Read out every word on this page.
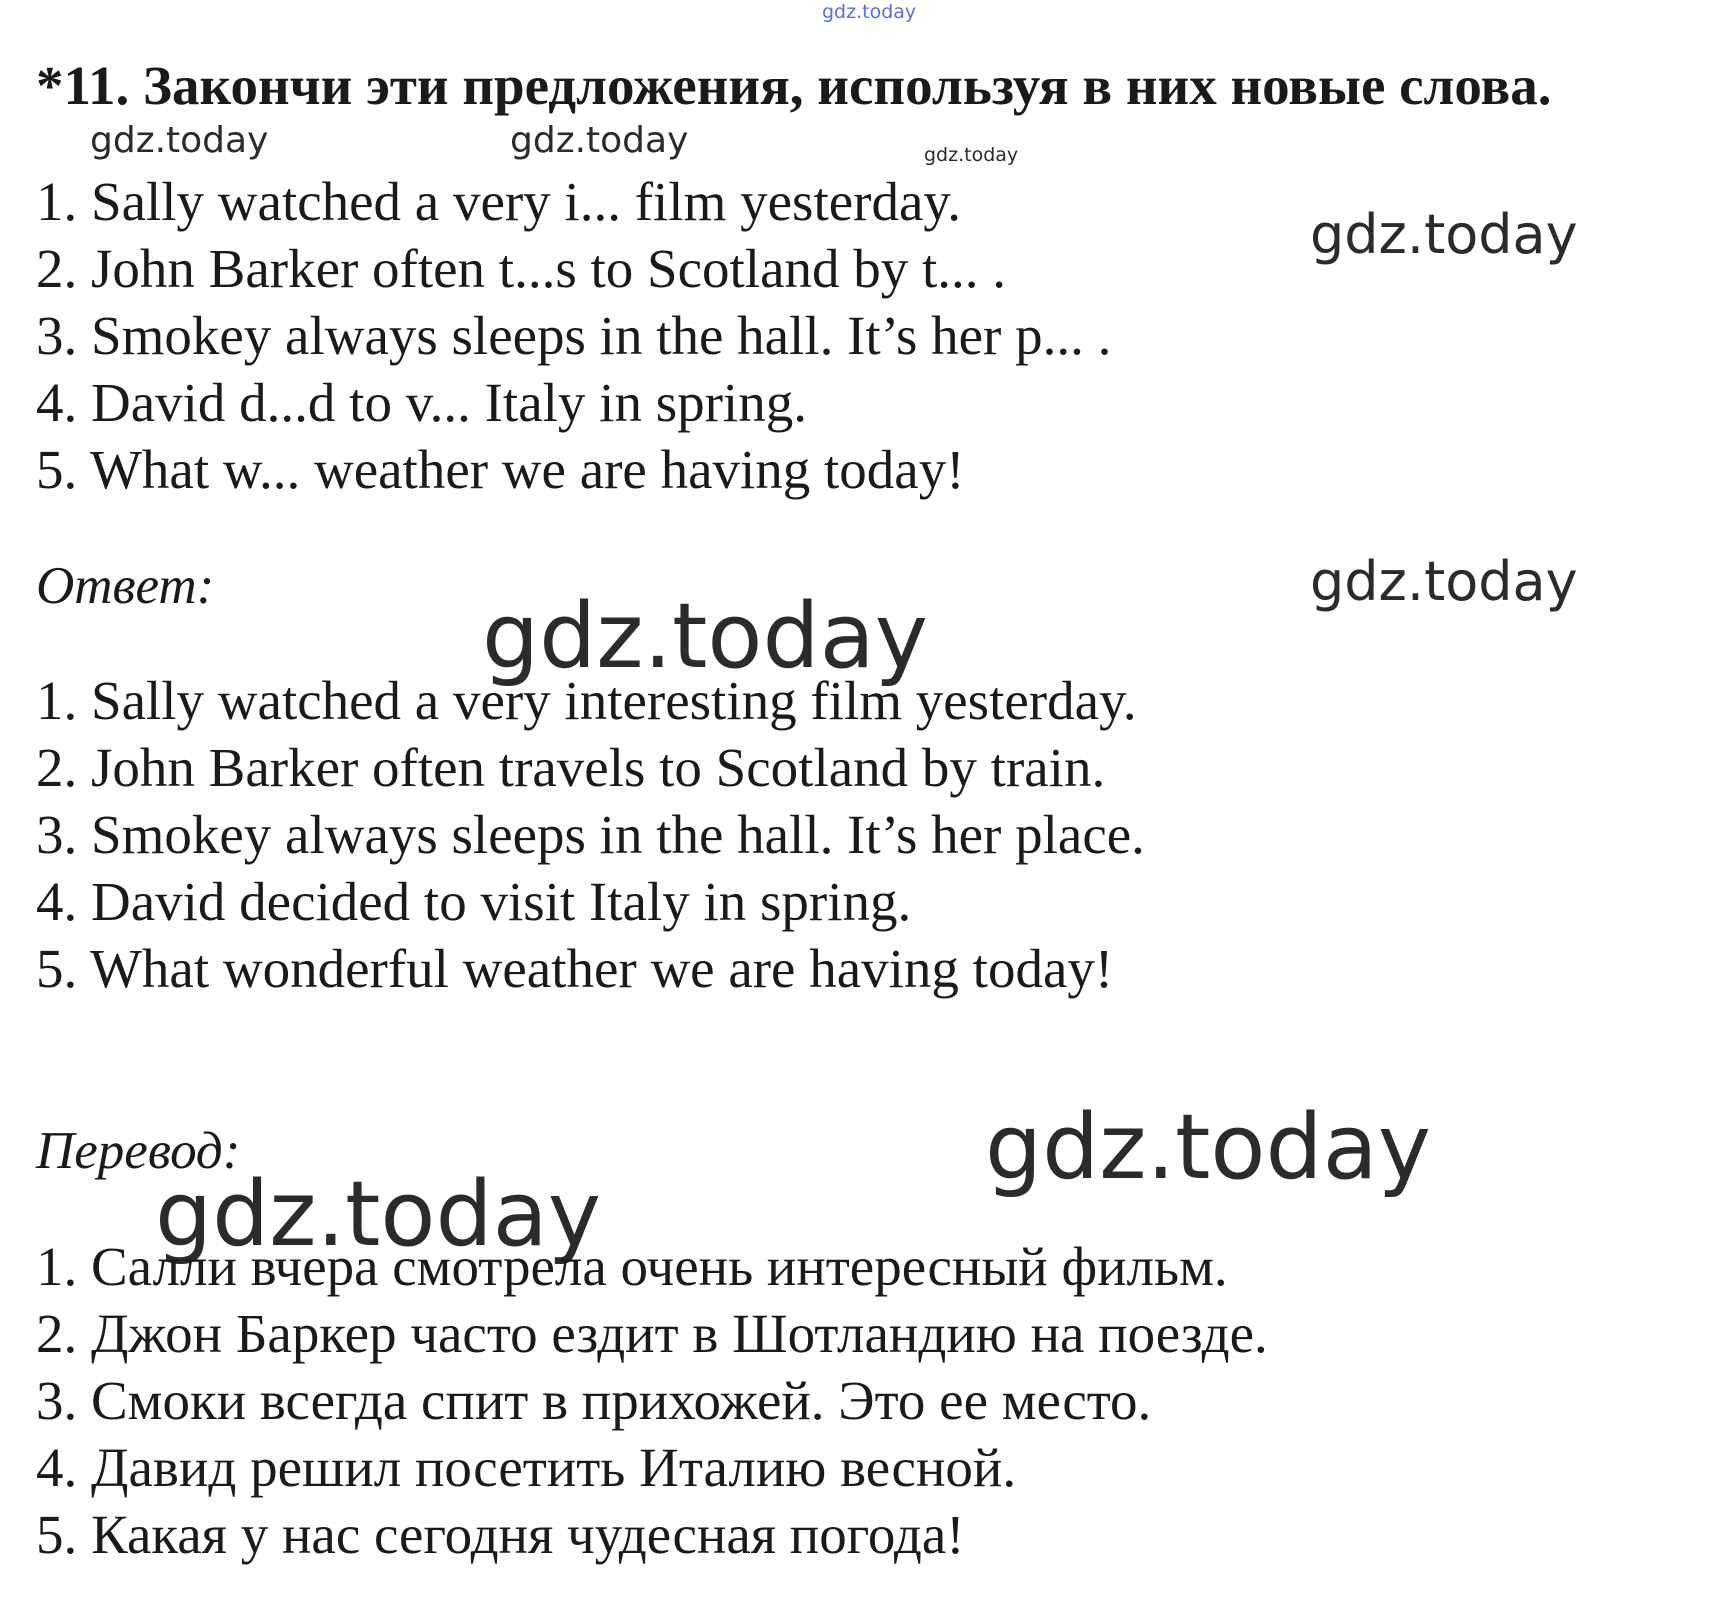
gdz.today
*11. Закончи эти предложения, используя в них новые слова.
gdz.today	gdz.today	gdz.today
gdz.today
1. Sally watched a very i... film yesterday.
2. John Barker often t...s to Scotland by t... .
3. Smokey always sleeps in the hall. It’s her p... .
4. David d...d to v... Italy in spring.
5. What w... weather we are having today!
Ответ:	gdz.today
gdz.today
1. Sally watched a very interesting film yesterday.
2. John Barker often travels to Scotland by train.
3. Smokey always sleeps in the hall. It’s her place.
4. David decided to visit Italy in spring.
5. What wonderful weather we are having today!
Перевод:	gdz.today
gdz.today
1. Салли вчера смотрела очень интересный фильм.
2. Джон Баркер часто ездит в Шотландию на поезде.
3. Смоки всегда спит в прихожей. Это ее место.
4. Давид решил посетить Италию весной.
5. Какая у нас сегодня чудесная погода!
